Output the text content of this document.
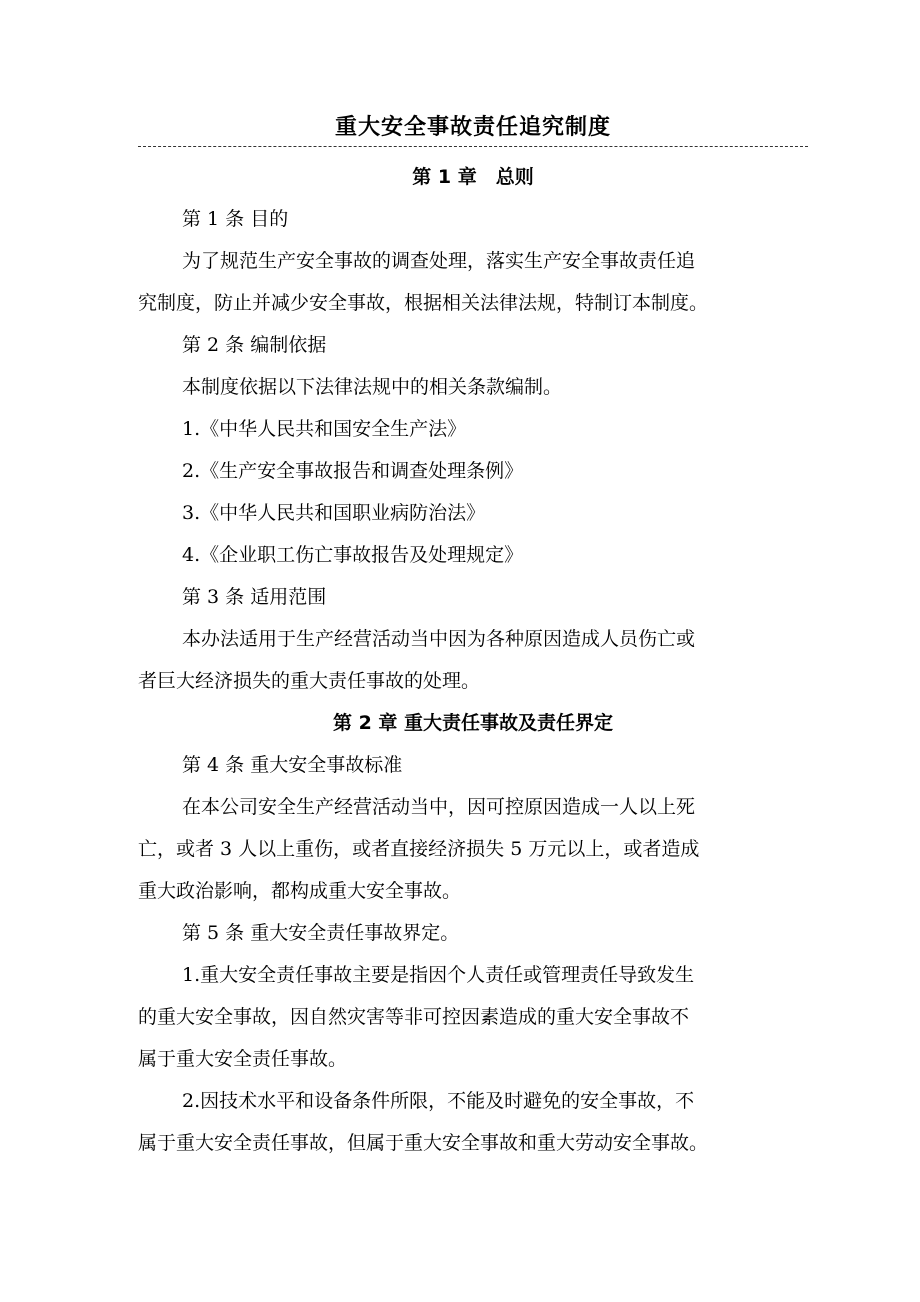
重大安全事故责任追究制度
第 1 章　总则
第 1 条 目的
为了规范生产安全事故的调查处理，落实生产安全事故责任追
究制度，防止并减少安全事故，根据相关法律法规，特制订本制度。
第 2 条 编制依据
本制度依据以下法律法规中的相关条款编制。
1.《中华人民共和国安全生产法》
2.《生产安全事故报告和调查处理条例》
3.《中华人民共和国职业病防治法》
4.《企业职工伤亡事故报告及处理规定》
第 3 条 适用范围
本办法适用于生产经营活动当中因为各种原因造成人员伤亡或
者巨大经济损失的重大责任事故的处理。
第 2 章 重大责任事故及责任界定
第 4 条 重大安全事故标准
在本公司安全生产经营活动当中，因可控原因造成一人以上死
亡，或者 3 人以上重伤，或者直接经济损失 5 万元以上，或者造成
重大政治影响，都构成重大安全事故。
第 5 条 重大安全责任事故界定。
1.重大安全责任事故主要是指因个人责任或管理责任导致发生
的重大安全事故，因自然灾害等非可控因素造成的重大安全事故不
属于重大安全责任事故。
2.因技术水平和设备条件所限，不能及时避免的安全事故，不
属于重大安全责任事故，但属于重大安全事故和重大劳动安全事故。
